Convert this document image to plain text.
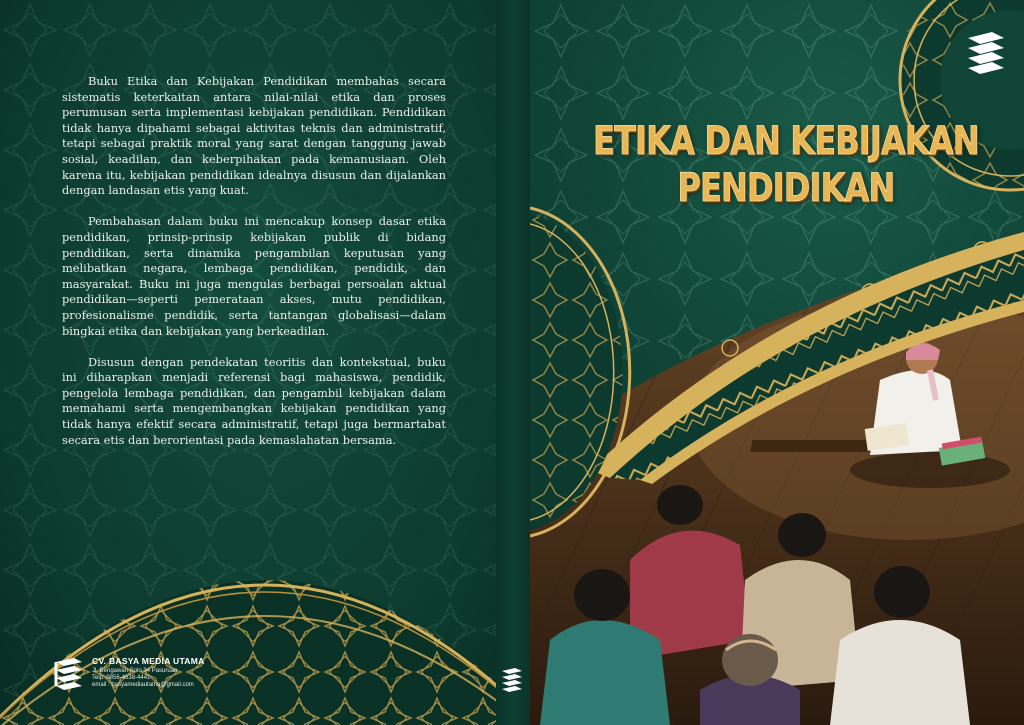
Buku Etika dan Kebijakan Pendidikan membahas secara sistematis keterkaitan antara nilai-nilai etika dan proses perumusan serta implementasi kebijakan pendidikan. Pendidikan tidak hanya dipahami sebagai aktivitas teknis dan administratif, tetapi sebagai praktik moral yang sarat dengan tanggung jawab sosial, keadilan, dan keberpihakan pada kemanusiaan. Oleh karena itu, kebijakan pendidikan idealnya disusun dan dijalankan dengan landasan etis yang kuat.

Pembahasan dalam buku ini mencakup konsep dasar etika pendidikan, prinsip-prinsip kebijakan publik di bidang pendidikan, serta dinamika pengambilan keputusan yang melibatkan negara, lembaga pendidikan, pendidik, dan masyarakat. Buku ini juga mengulas berbagai persoalan aktual pendidikan—seperti pemerataan akses, mutu pendidikan, profesionalisme pendidik, serta tantangan globalisasi—dalam bingkai etika dan kebijakan yang berkeadilan.

Disusun dengan pendekatan teoritis dan kontekstual, buku ini diharapkan menjadi referensi bagi mahasiswa, pendidik, pengelola lembaga pendidikan, dan pengambil kebijakan dalam memahami serta mengembangkan kebijakan pendidikan yang tidak hanya efektif secara administratif, tetapi juga bermartabat secara etis dan berorientasi pada kemaslahatan bersama.

CV. BASYA MEDIA UTAMA
Jl. Bengawan Solo 34 Pasuruan
Telp: 0856-4638-4441
email : basyamediautama@gmail.com
ETIKA DAN KEBIJAKAN
PENDIDIKAN
